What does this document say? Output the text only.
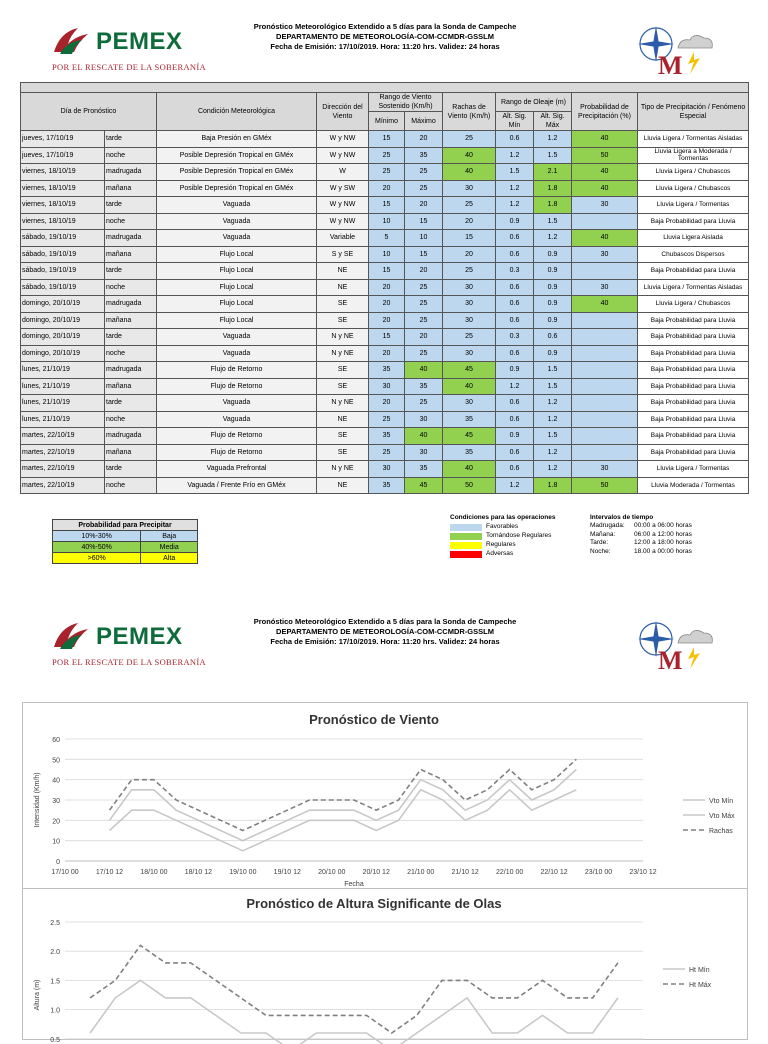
PEMEX
POR EL RESCATE DE LA SOBERANÍA
Pronóstico Meteorológico Extendido a 5 días para la Sonda de Campeche
DEPARTAMENTO DE METEOROLOGÍA-COM-CCMDR-GSSLM
Fecha de Emisión: 17/10/2019. Hora: 11:20 hrs. Validez: 24 horas
M

Día de Pronóstico		Condición Meteorológica	Dirección del Viento	Rango de Viento Sostenido (Km/h)		Rachas de Viento (Km/h)	Rango de Oleaje (m)		Probabilidad de Precipitación (%)	Tipo de Precipitación / Fenómeno Especial
				Mínimo	Máximo		Alt. Sig. Mín	Alt. Sig. Máx		
jueves, 17/10/19	tarde	Baja Presión en GMéx	W y NW	15	20	25	0.6	1.2	40	Lluvia Ligera / Tormentas Aisladas
jueves, 17/10/19	noche	Posible Depresión Tropical en GMéx	W y NW	25	35	40	1.2	1.5	50	Lluvia Ligera a Moderada / Tormentas
viernes, 18/10/19	madrugada	Posible Depresión Tropical en GMéx	W	25	25	40	1.5	2.1	40	Lluvia Ligera / Chubascos
viernes, 18/10/19	mañana	Posible Depresión Tropical en GMéx	W y SW	20	25	30	1.2	1.8	40	Lluvia Ligera / Chubascos
viernes, 18/10/19	tarde	Vaguada	W y NW	15	20	25	1.2	1.8	30	Lluvia Ligera / Tormentas
viernes, 18/10/19	noche	Vaguada	W y NW	10	15	20	0.9	1.5		Baja Probabilidad para Lluvia
sábado, 19/10/19	madrugada	Vaguada	Variable	5	10	15	0.6	1.2	40	Lluvia Ligera Aislada
sábado, 19/10/19	mañana	Flujo Local	S y SE	10	15	20	0.6	0.9	30	Chubascos Dispersos
sábado, 19/10/19	tarde	Flujo Local	NE	15	20	25	0.3	0.9		Baja Probabilidad para Lluvia
sábado, 19/10/19	noche	Flujo Local	NE	20	25	30	0.6	0.9	30	Lluvia Ligera / Tormentas Aisladas
domingo, 20/10/19	madrugada	Flujo Local	SE	20	25	30	0.6	0.9	40	Lluvia Ligera / Chubascos
domingo, 20/10/19	mañana	Flujo Local	SE	20	25	30	0.6	0.9		Baja Probabilidad para Lluvia
domingo, 20/10/19	tarde	Vaguada	N y NE	15	20	25	0.3	0.6		Baja Probabilidad para Lluvia
domingo, 20/10/19	noche	Vaguada	N y NE	20	25	30	0.6	0.9		Baja Probabilidad para Lluvia
lunes, 21/10/19	madrugada	Flujo de Retorno	SE	35	40	45	0.9	1.5		Baja Probabilidad para Lluvia
lunes, 21/10/19	mañana	Flujo de Retorno	SE	30	35	40	1.2	1.5		Baja Probabilidad para Lluvia
lunes, 21/10/19	tarde	Vaguada	N y NE	20	25	30	0.6	1.2		Baja Probabilidad para Lluvia
lunes, 21/10/19	noche	Vaguada	NE	25	30	35	0.6	1.2		Baja Probabilidad para Lluvia
martes, 22/10/19	madrugada	Flujo de Retorno	SE	35	40	45	0.9	1.5		Baja Probabilidad para Lluvia
martes, 22/10/19	mañana	Flujo de Retorno	SE	25	30	35	0.6	1.2		Baja Probabilidad para Lluvia
martes, 22/10/19	tarde	Vaguada Prefrontal	N y NE	30	35	40	0.6	1.2	30	Lluvia Ligera / Tormentas
martes, 22/10/19	noche	Vaguada / Frente Frío en GMéx	NE	35	45	50	1.2	1.8	50	Lluvia Moderada / Tormentas
Probabilidad para Precipitar	
10%-30%	Baja
40%-50%	Media
>60%	Alta
Condiciones para las operaciones
Favorables
Tornándose Regulares
Regulares
Adversas
Intervalos de tiempo
Madrugada: 00:00 a 06:00 horas
Mañana:	06:00 a 12:00 horas
Tarde:	12:00 a 18:00 horas
Noche:	18.00 a 00:00 horas
PEMEX
POR EL RESCATE DE LA SOBERANÍA
Pronóstico Meteorológico Extendido a 5 días para la Sonda de Campeche
DEPARTAMENTO DE METEOROLOGÍA-COM-CCMDR-GSSLM
Fecha de Emisión: 17/10/2019. Hora: 11:20 hrs. Validez: 24 horas
M
Pronóstico de Viento
0
10
20
30
40
50
60
Intensidad (Km/h)
17/10 00 17/10 12 18/10 00 18/10 12 19/10 00 19/10 12 20/10 00 20/10 12 21/10 00 21/10 12 22/10 00 22/10 12 23/10 00 23/10 12
Fecha
Vto Mín
Vto Máx
Rachas
Pronóstico de Altura Significante de Olas
0.5
1.0
1.5
2.0
2.5
Altura (m)
Ht Mín
Ht Máx
